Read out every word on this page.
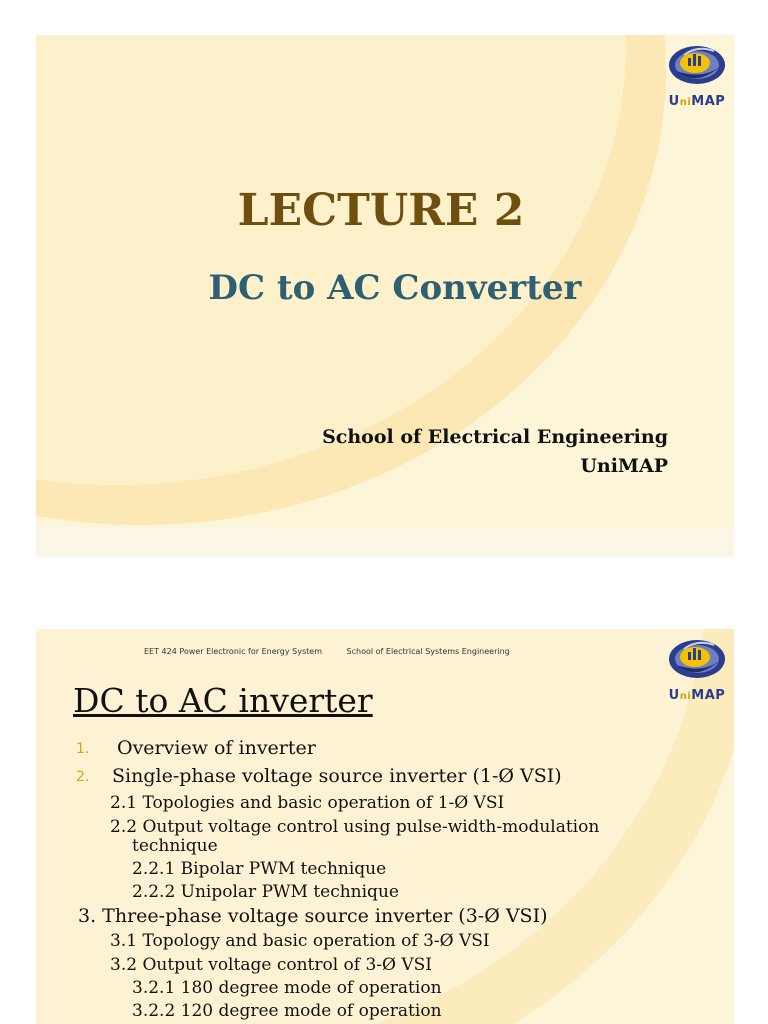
UniMAP
LECTURE 2
DC to AC Converter
School of Electrical Engineering
UniMAP
EET 424 Power Electronic for Energy System	School of Electrical Systems Engineering
UniMAP
DC to AC inverter
1. Overview of inverter
2. Single-phase voltage source inverter (1-Ø VSI)
2.1 Topologies and basic operation of 1-Ø VSI
2.2 Output voltage control using pulse-width-modulation
technique
2.2.1 Bipolar PWM technique
2.2.2 Unipolar PWM technique
3. Three-phase voltage source inverter (3-Ø VSI)
3.1 Topology and basic operation of 3-Ø VSI
3.2 Output voltage control of 3-Ø VSI
3.2.1 180 degree mode of operation
3.2.2 120 degree mode of operation
